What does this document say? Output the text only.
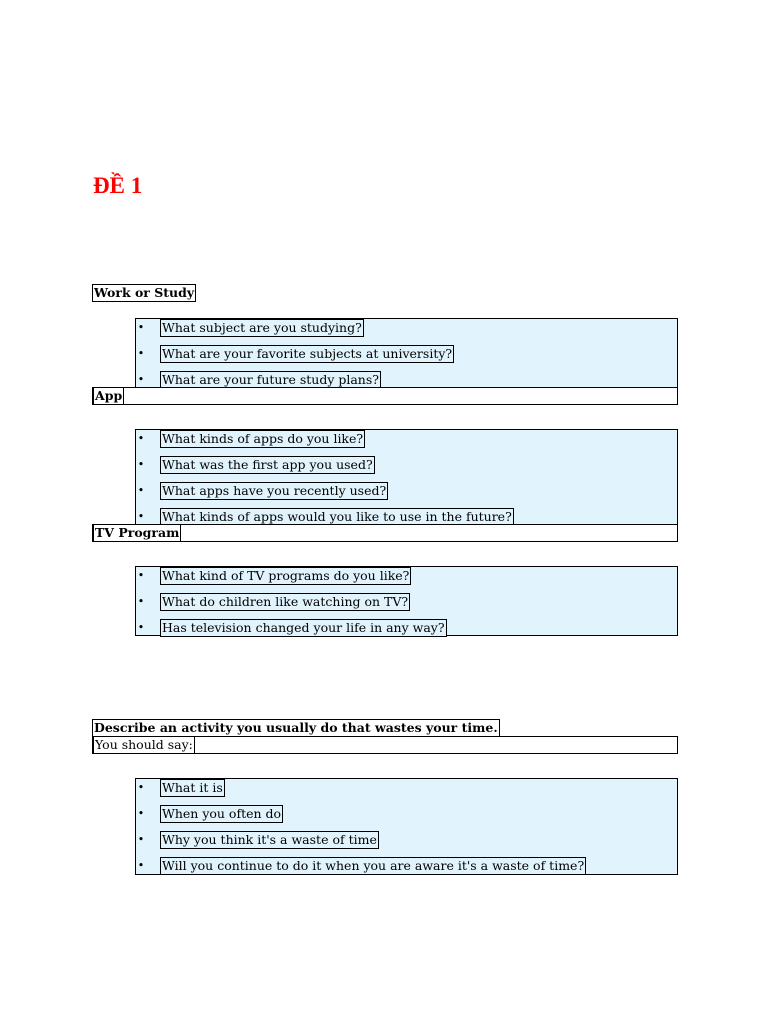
ĐỀ 1
Work or Study
• What subject are you studying?
• What are your favorite subjects at university?
• What are your future study plans?
App
• What kinds of apps do you like?
• What was the first app you used?
• What apps have you recently used?
• What kinds of apps would you like to use in the future?
TV Program
• What kind of TV programs do you like?
• What do children like watching on TV?
• Has television changed your life in any way?
Describe an activity you usually do that wastes your time.
You should say:
• What it is
• When you often do
• Why you think it's a waste of time
• Will you continue to do it when you are aware it's a waste of time?
